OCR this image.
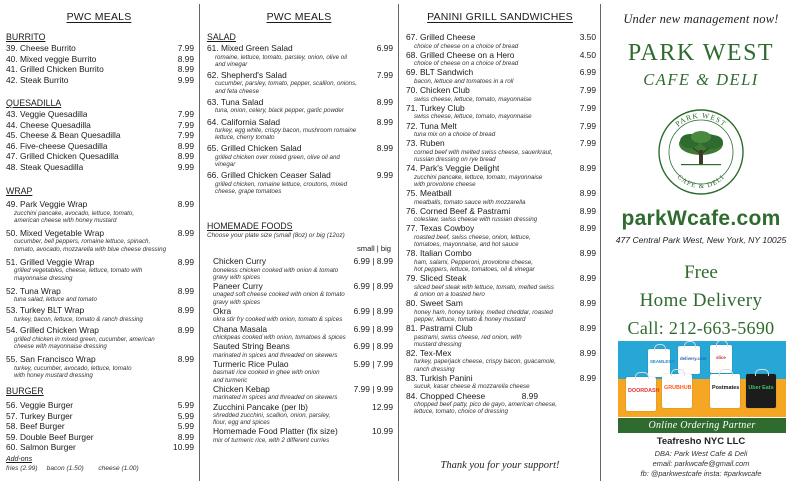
PWC MEALS
BURRITO
39. Cheese Burrito	7.99
40. Mixed veggie Burrito	8.99
41. Grilled Chicken Burrito	8.99
42. Steak Burrito	9.99
QUESADILLA
43. Veggie Quesadilla	7.99
44. Cheese Quesadilla	7.99
45. Cheese & Bean Quesadilla	7.99
46. Five-cheese Quesadilla	8.99
47. Grilled Chicken Quesadilla	8.99
48. Steak Quesadilla	9.99
WRAP
49. Park Veggie Wrap	8.99
zucchini pancake, avocado, lettuce, tomato,
american cheese with honey mustard
50. Mixed Vegetable Wrap	8.99
cucumber, bell peppers, romaine lettuce, spinach,
tomato, avocado, mozzarella with blue cheese dressing
51. Grilled Veggie Wrap	8.99
grilled vegetables, cheese, lettuce, tomato with
mayonnaise dressing
52. Tuna Wrap	8.99
tuna salad, lettuce and tomato
53. Turkey BLT Wrap	8.99
turkey, bacon, lettuce, tomato & ranch dressing
54. Grilled Chicken Wrap	8.99
grilled chicken in mixed green, cucumber, american
cheese with mayonnaise dressing
55. San Francisco Wrap	8.99
turkey, cucumber, avocado, lettuce, tomato
with honey mustard dressing
BURGER
56. Veggie Burger	5.99
57. Turkey Burger	5.99
58. Beef Burger	5.99
59. Double Beef Burger	8.99
60. Salmon Burger	10.99
Add-ons
fries (2.99)     bacon (1.50)        cheese (1.00)
PWC MEALS
SALAD
61. Mixed Green Salad	6.99
romaine, lettuce, tomato, parsley, onion, olive oil
and vinegar
62. Shepherd's Salad	7.99
cucumber, parsley, tomato, pepper, scallion, onions,
and feta cheese
63. Tuna Salad	8.99
tuna, onion, celery, black pepper, garlic powder
64. California Salad	8.99
turkey, egg white, crispy bacon, mushroom romaine
lettuce, cherry tomato
65. Grilled Chicken Salad	8.99
grilled chicken over mixed green, olive oil and
vinegar
66. Grilled Chicken Ceaser Salad	9.99
grilled chicken, romaine lettuce, croutons, mixed
cheese, grape tomatoes
HOMEMADE FOODS
Choose your plate size (small (8oz) or big (12oz)
small | big
Chicken Curry	6.99 | 8.99
boneless chicken cooked with onion & tomato
gravy with spices
Paneer Curry	6.99 | 8.99
unaged soft cheese cooked with onion & tomato
gravy with spices
Okra	6.99 | 8.99
okra stir fry cooked with onion, tomato & spices
Chana Masala	6.99 | 8.99
chickpeas cooked with onion, tomatoes & spices
Sauted String Beans	6.99 | 8.99
marinated in spices and threaded on skewers
Turmeric Rice Pulao	5.99 | 7.99
basmati rice cooked in ghee with onion
and turmeric
Chicken Kebap	7.99 | 9.99
marinated in spices and threaded on skewers
Zucchini Pancake (per lb)	12.99
shredded zucchini, scallion, onion, parsley,
flour, egg and spices
Homemade Food Platter (fix size)	10.99
mix of turmeric rice, with 2 different curries
PANINI GRILL SANDWICHES
67. Grilled Cheese	3.50
choice of cheese on a choice of bread
68. Grilled Cheese on a Hero	4.50
choice of cheese on a choice of bread
69. BLT Sandwich	6.99
bacon, lettuce and tomatoes in a roll
70. Chicken Club	7.99
swiss cheese, lettuce, tomato, mayonnaise
71. Turkey Club	7.99
swiss cheese, lettuce, tomato, mayonnaise
72. Tuna Melt	7.99
tuna mix on a choice of bread
73. Ruben	7.99
corned beef with melted swiss cheese, sauerkraut,
russian dressing on rye bread
74. Park's Veggie Delight	8.99
zucchini pancake, lettuce, tomato, mayonnaise
with provolone cheese
75. Meatball	8.99
meatballs, tomato sauce with mozzarella
76. Corned Beef & Pastrami	8.99
coleslaw, swiss cheese with russian dressing
77. Texas Cowboy	8.99
roasted beef, swiss cheese, onion, lettuce,
tomatoes, mayonnaise, and hot sauce
78. Italian Combo	8.99
ham, salami, Pepperoni, provolone cheese,
hot peppers, lettuce, tomatoes, oil & vinegar
79. Sliced Steak	8.99
sliced beef steak with lettuce, tomato, melted swiss
& onion on a toasted hero
80. Sweet Sam	8.99
honey ham, honey turkey, melted cheddar, roasted
pepper, lettuce, tomato & honey mustard
81. Pastrami Club	8.99
pastrami, swiss cheese, red onion, with
mustard dressing
82. Tex-Mex	8.99
turkey, paperjack cheese, crispy bacon, guacamole,
ranch dressing
83. Turkish Panini	8.99
sucuk, kasar cheese & mozzarella cheese
84. Chopped Cheese	8.99
chopped beef patty, pico de gayo, american cheese,
lettuce, tomato, choice of dressing
Thank you for your support!
Under new management now!
PARK WEST
CAFE & DELI
PARK WEST
CAFE & DELI
parkWcafe.com
477 Central Park West, New York, NY 10025
Free
Home Delivery
Call: 212-663-5690
SEAMLESS
delivery.com	slice
DOORDASH GRUBHUB	Postmates Uber Eats
Online Ordering Partner
Teafresho NYC LLC
DBA: Park West Cafe & Deli
email: parkwcafe@gmail.com
fb: @parkwestcafe insta: #parkwcafe
